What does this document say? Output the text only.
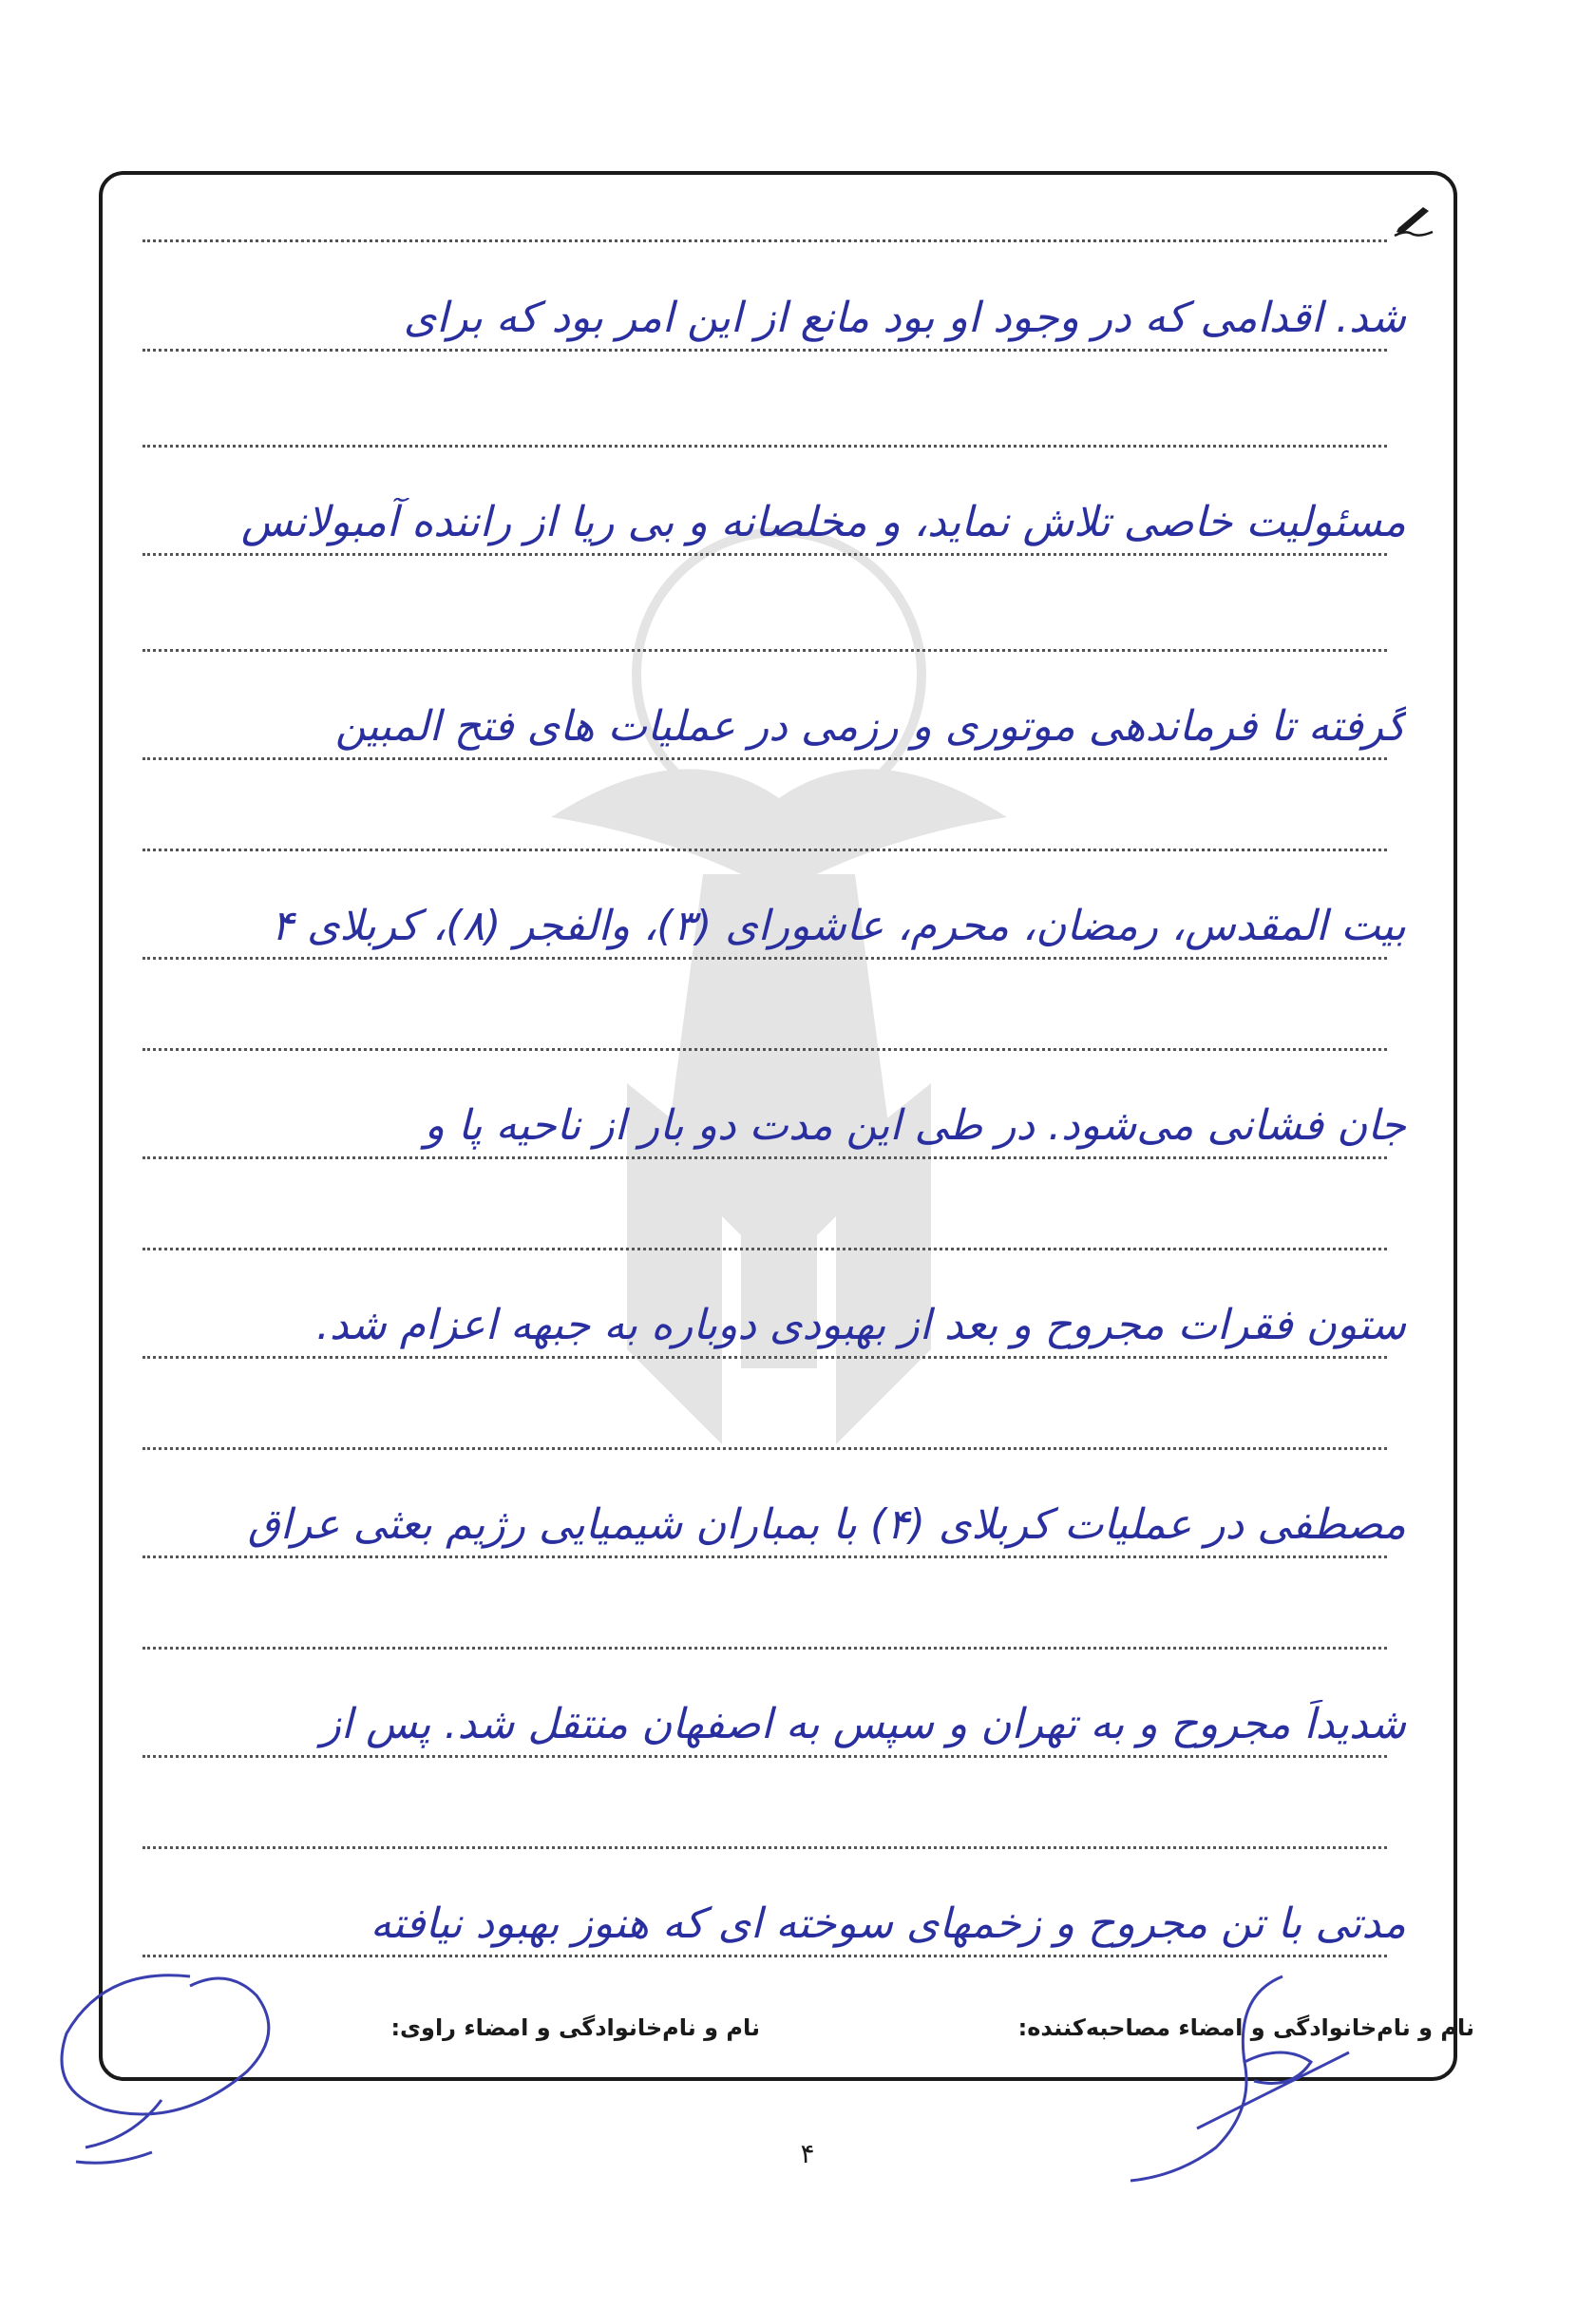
شد. اقدامی که در وجود او بود مانع از این امر بود که برای
مسئولیت خاصی تلاش نماید، و مخلصانه و بی ریا از راننده آمبولانس
گرفته تا فرماندهی موتوری و رزمی در عملیات های فتح المبین
بیت المقدس، رمضان، محرم، عاشورای (۳)، والفجر (۸)، کربلای ۴
جان فشانی می‌شود. در طی این مدت دو بار از ناحیه پا و
ستون فقرات مجروح و بعد از بهبودی دوباره به جبهه اعزام شد.
مصطفی در عملیات کربلای (۴) با بمباران شیمیایی رژیم بعثی عراق
شدیداً مجروح و به تهران و سپس به اصفهان منتقل شد. پس از
مدتی با تن مجروح و زخمهای سوخته ای که هنوز بهبود نیافته
نام و نام‌خانوادگی و امضاء مصاحبه‌کننده:
نام و نام‌خانوادگی و امضاء راوی:
۴
